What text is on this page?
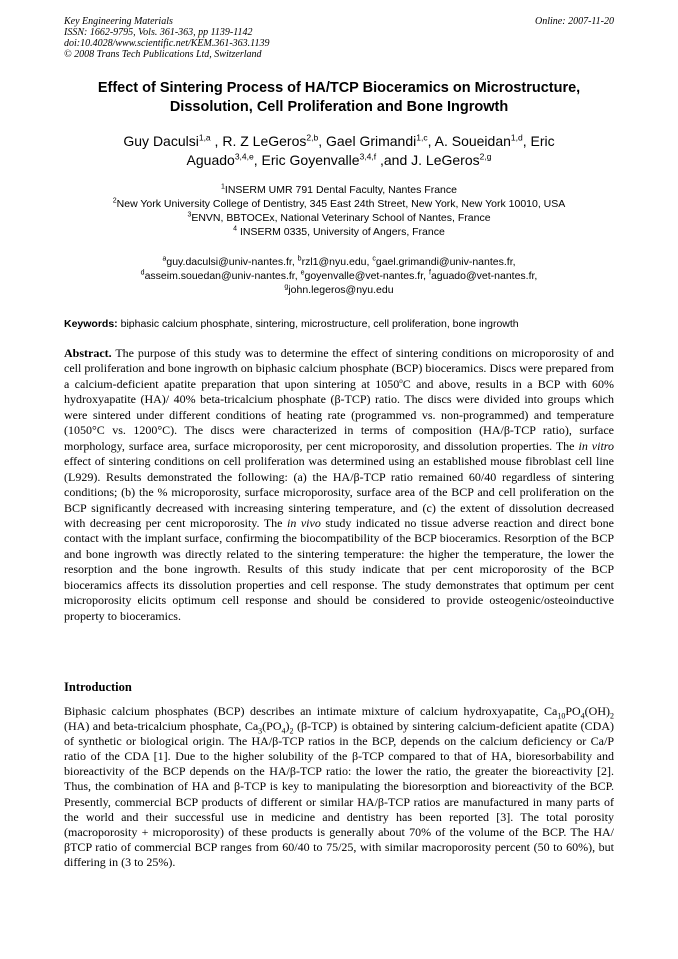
Key Engineering Materials
ISSN: 1662-9795, Vols. 361-363, pp 1139-1142
doi:10.4028/www.scientific.net/KEM.361-363.1139
© 2008 Trans Tech Publications Ltd, Switzerland
Online: 2007-11-20
Effect of Sintering Process of HA/TCP Bioceramics on Microstructure,
Dissolution, Cell Proliferation and Bone Ingrowth
Guy Daculsi$^{1,a}$ , R. Z LeGeros$^{2,b}$, Gael Grimandi$^{1,c}$, A. Soueidan$^{1,d}$, Eric
Aguado$^{3,4,e}$, Eric Goyenvalle$^{3,4,f}$ ,and J. LeGeros$^{2,g}$
$^1$INSERM UMR 791 Dental Faculty, Nantes France
$^2$New York University College of Dentistry, 345 East 24th Street, New York, New York 10010, USA
$^3$ENVN, BBTOCEx, National Veterinary School of Nantes, France
$^4$ INSERM 0335, University of Angers, France
$^a$guy.daculsi@univ-nantes.fr, $^b$rzl1@nyu.edu, $^c$gael.grimandi@univ-nantes.fr,
$^d$asseim.souedan@univ-nantes.fr, $^e$goyenvalle@vet-nantes.fr, $^f$aguado@vet-nantes.fr,
$^g$john.legeros@nyu.edu
Keywords: biphasic calcium phosphate, sintering, microstructure, cell proliferation, bone ingrowth
Abstract. The purpose of this study was to determine the effect of sintering conditions on microporosity of and cell proliferation and bone ingrowth on biphasic calcium phosphate (BCP) bioceramics. Discs were prepared from a calcium-deficient apatite preparation that upon sintering at 1050$^o$C and above, results in a BCP with 60% hydroxyapatite (HA)/ 40% beta-tricalcium phosphate (β-TCP) ratio. The discs were divided into groups which were sintered under different conditions of heating rate (programmed vs. non-programmed) and temperature (1050°C vs. 1200°C). The discs were characterized in terms of composition (HA/β-TCP ratio), surface morphology, surface area, surface microporosity, per cent microporosity, and dissolution properties. The in vitro effect of sintering conditions on cell proliferation was determined using an established mouse fibroblast cell line (L929). Results demonstrated the following: (a) the HA/β-TCP ratio remained 60/40 regardless of sintering conditions; (b) the % microporosity, surface microporosity, surface area of the BCP and cell proliferation on the BCP significantly decreased with increasing sintering temperature, and (c) the extent of dissolution decreased with decreasing per cent microporosity. The in vivo study indicated no tissue adverse reaction and direct bone contact with the implant surface, confirming the biocompatibility of the BCP bioceramics. Resorption of the BCP and bone ingrowth was directly related to the sintering temperature: the higher the temperature, the lower the resorption and the bone ingrowth. Results of this study indicate that per cent microporosity of the BCP bioceramics affects its dissolution properties and cell response. The study demonstrates that optimum per cent microporosity elicits optimum cell response and should be considered to provide osteogenic/osteoinductive property to bioceramics.
Introduction
Biphasic calcium phosphates (BCP) describes an intimate mixture of calcium hydroxyapatite, $Ca_{10}PO_4(OH)_2$ (HA) and beta-tricalcium phosphate, $Ca_3(PO_4)_2$ (β-TCP) is obtained by sintering calcium-deficient apatite (CDA) of synthetic or biological origin. The HA/β-TCP ratios in the BCP, depends on the calcium deficiency or Ca/P ratio of the CDA [1]. Due to the higher solubility of the β-TCP compared to that of HA, bioresorbability and bioreactivity of the BCP depends on the HA/β-TCP ratio: the lower the ratio, the greater the bioreactivity [2]. Thus, the combination of HA and β-TCP is key to manipulating the bioresorption and bioreactivity of the BCP. Presently, commercial BCP products of different or similar HA/β-TCP ratios are manufactured in many parts of the world and their successful use in medicine and dentistry has been reported [3]. The total porosity (macroporosity + microporosity) of these products is generally about 70% of the volume of the BCP. The HA/βTCP ratio of commercial BCP ranges from 60/40 to 75/25, with similar macroporosity percent (50 to 60%), but differing in (3 to 25%).
